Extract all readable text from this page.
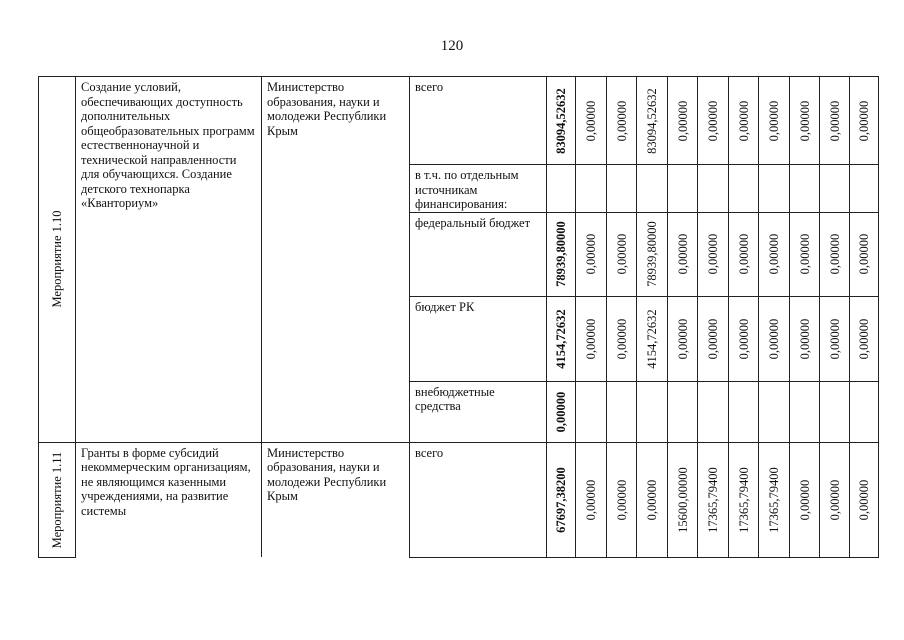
120
Мероприятие 1.10	Создание условий, обеспечивающих доступность дополнительных общеобразовательных программ естественнонаучной и технической направленности для обучающихся. Создание детского технопарка «Кванториум»	Министерство образования, науки и молодежи Республики Крым	всего	83094,52632	0,00000	0,00000	83094,52632	0,00000	0,00000	0,00000	0,00000	0,00000	0,00000	0,00000

			в т.ч. по отдельным источникам финансирования:											

			федеральный бюджет	78939,80000	0,00000	0,00000	78939,80000	0,00000	0,00000	0,00000	0,00000	0,00000	0,00000	0,00000

			бюджет РК	4154,72632	0,00000	0,00000	4154,72632	0,00000	0,00000	0,00000	0,00000	0,00000	0,00000	0,00000

			внебюджетные средства	0,00000										

Мероприятие 1.11	Гранты в форме субсидий некоммерческим организациям, не являющимся казенными учреждениями, на развитие системы	Министерство образования, науки и молодежи Республики Крым	всего	67697,38200	0,00000	0,00000	0,00000	15600,00000	17365,79400	17365,79400	17365,79400	0,00000	0,00000	0,00000
